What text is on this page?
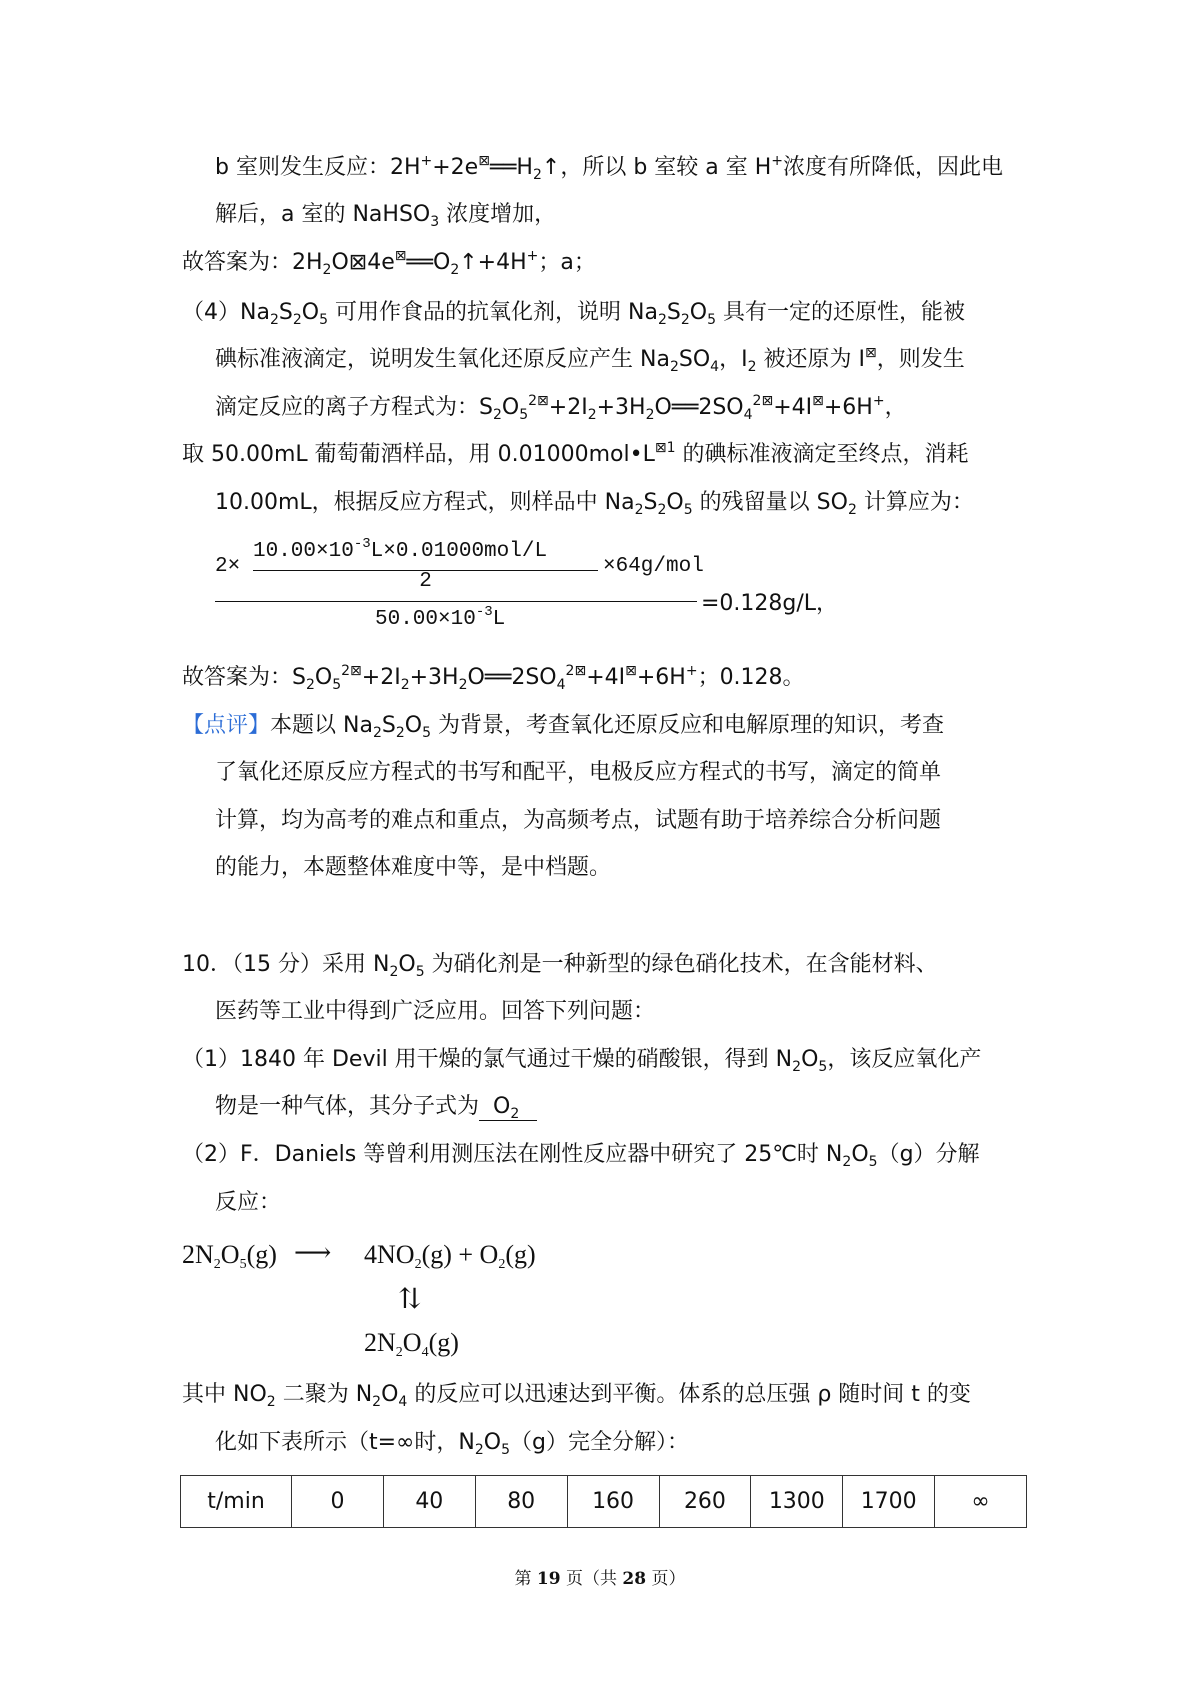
b 室则发生反应：$2H^++2e^⊠══H_2↑$，所以 b 室较 a 室 H+浓度有所降低，因此电
解后，a 室的 NaHSO$_3$ 浓度增加，
故答案为：$2H_2O⊠4e^⊠══O_2↑+4H^+$；a；
$(4)Na_2S_2O_5$ 可用作食品的抗氧化剂，说明 $Na_2S_2O_5$ 具有一定的还原性，能被
碘标准液滴定，说明发生氧化还原反应产生 $Na_2SO_4$，$I_2$ 被还原为 I⊠，则发生
滴定反应的离子方程式为：$S_2O_5^{2⊠}+2I_2+3H_2O══2SO_4^{2⊠}+4I^⊠+6H^+$，
取 50.00mL 葡萄葡酒样品，用 $0.01000mol•L^{⊠1}$ 的碘标准液滴定至终点，消耗
10.00mL，根据反应方程式，则样品中 $Na_2S_2O_5$ 的残留量以 $SO_2$ 计算应为：
2×
$10.00\times 10^{-3}L\times 0.01000mol/L$
2
×64g/mol
=0.128g/L，
$50.00\times 10^{-3}L$
故答案为：$S_2O_5^{2⊠}+2I_2+3H_2O══2SO_4^{2⊠}+4I^⊠+6H^+$；0.128。
【点评】本题以 $Na_2S_2O_5$ 为背景，考查氧化还原反应和电解原理的知识，考查
了氧化还原反应方程式的书写和配平，电极反应方程式的书写，滴定的简单
计算，均为高考的难点和重点，为高频考点，试题有助于培养综合分析问题
的能力，本题整体难度中等，是中档题。
10．（15 分）采用 $N_2O_5$ 为硝化剂是一种新型的绿色硝化技术，在含能材料、
医药等工业中得到广泛应用。回答下列问题：
（1）1840 年 Devil 用干燥的氯气通过干燥的硝酸银，得到 $N_2O_5$，该反应氧化产
物是一种气体，其分子式为 $O_2$
（2）F．Daniels 等曾利用测压法在刚性反应器中研究了 25℃时 $N_2O_5(g)$分解
反应：
$2N_2O_5(g)$ ⟶ $4NO_2(g) + O_2(g)$
⇅
$2N_2O_4(g)$
其中 $NO_2$ 二聚为 $N_2O_4$ 的反应可以迅速达到平衡。体系的总压强 ρ 随时间 t 的变
化如下表所示（t=∞时，$N_2O_5(g)$完全分解）：
t/min	0	40	80	160	260	1300	1700	∞
第 19 页（共 28 页）
